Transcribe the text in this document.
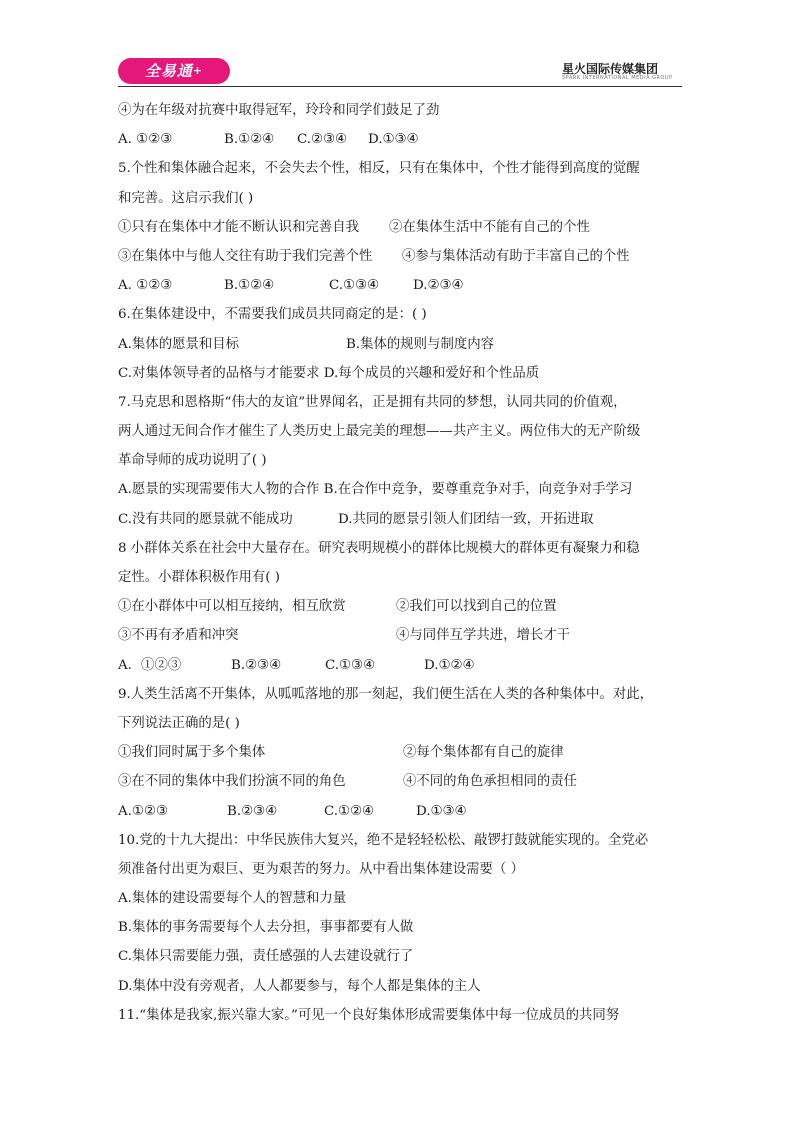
全易通+	星火国际传媒集团
SPARK INTERNATIONAL MEDIA GROUP
④为在年级对抗赛中取得冠军，玲玲和同学们鼓足了劲
A. ①②③	B.①②④ C.②③④ D.①③④
5.个性和集体融合起来，不会失去个性，相反，只有在集体中，个性才能得到高度的觉醒
和完善。这启示我们( )
①只有在集体中才能不断认识和完善自我 ②在集体生活中不能有自己的个性
③在集体中与他人交往有助于我们完善个性 ④参与集体活动有助于丰富自己的个性
A. ①②③	B.①②④	C.①③④	D.②③④
6.在集体建设中，不需要我们成员共同商定的是：( )
A.集体的愿景和目标	B.集体的规则与制度内容
C.对集体领导者的品格与才能要求 D.每个成员的兴趣和爱好和个性品质
7.马克思和恩格斯“伟大的友谊”世界闻名，正是拥有共同的梦想，认同共同的价值观，
两人通过无间合作才催生了人类历史上最完美的理想——共产主义。两位伟大的无产阶级
革命导师的成功说明了( )
A.愿景的实现需要伟大人物的合作 B.在合作中竞争，要尊重竞争对手，向竞争对手学习
C.没有共同的愿景就不能成功	D.共同的愿景引领人们团结一致，开拓进取
8 小群体关系在社会中大量存在。研究表明规模小的群体比规模大的群体更有凝聚力和稳
定性。小群体积极作用有( )
①在小群体中可以相互接纳，相互欣赏	②我们可以找到自己的位置
③不再有矛盾和冲突	④与同伴互学共进，增长才干
A．①②③	B.②③④	C.①③④	D.①②④
9.人类生活离不开集体，从呱呱落地的那一刻起，我们便生活在人类的各种集体中。对此，
下列说法正确的是( )
①我们同时属于多个集体	②每个集体都有自己的旋律
③在不同的集体中我们扮演不同的角色	④不同的角色承担相同的责任
A.①②③	B.②③④	C.①②④	D.①③④
10.党的十九大提出：中华民族伟大复兴，绝不是轻轻松松、敲锣打鼓就能实现的。全党必
须准备付出更为艰巨、更为艰苦的努力。从中看出集体建设需要（ ）
A.集体的建设需要每个人的智慧和力量
B.集体的事务需要每个人去分担，事事都要有人做
C.集体只需要能力强，责任感强的人去建设就行了
D.集体中没有旁观者，人人都要参与，每个人都是集体的主人
11.“集体是我家,振兴靠大家。”可见一个良好集体形成需要集体中每一位成员的共同努
